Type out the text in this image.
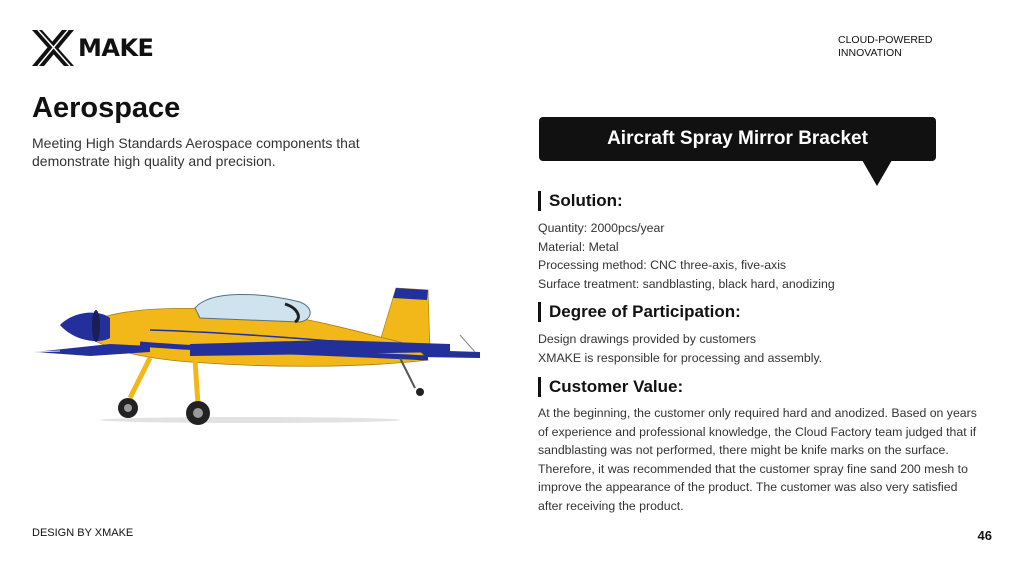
MAKE	CLOUD-POWERED
INNOVATION
Aerospace
Meeting High Standards Aerospace components that demonstrate high quality and precision.
Aircraft Spray Mirror Bracket
Solution:
Quantity: 2000pcs/year
Material: Metal
Processing method: CNC three-axis, five-axis
Surface treatment: sandblasting, black hard, anodizing
Degree of Participation:
Design drawings provided by customers
XMAKE is responsible for processing and assembly.
Customer Value:

At the beginning, the customer only required hard and anodized. Based on years of experience and professional knowledge, the Cloud Factory team judged that if sandblasting was not performed, there might be knife marks on the surface. Therefore, it was recommended that the customer spray fine sand 200 mesh to improve the appearance of the product. The customer was also very satisfied after receiving the product.

DESIGN BY XMAKE	46
